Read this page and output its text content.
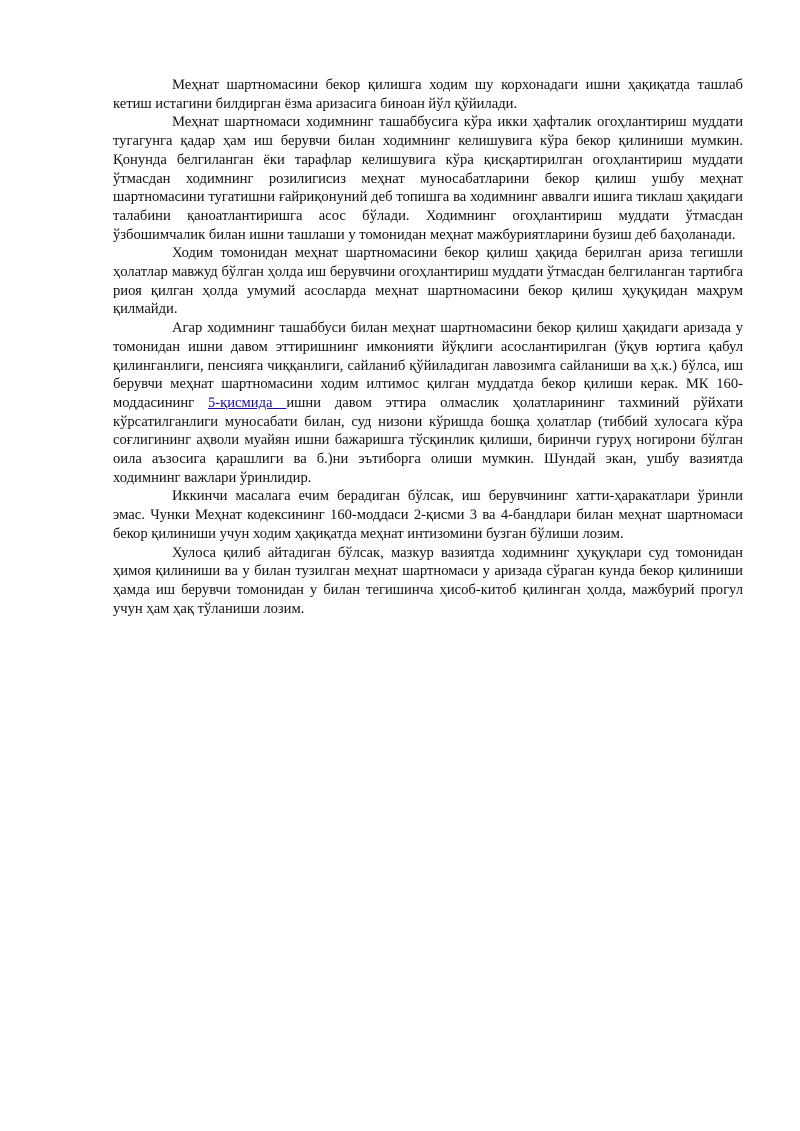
Меҳнат шартномасини бекор қилишга ходим шу корхонадаги ишни ҳақиқатда ташлаб кетиш истагини билдирган ёзма аризасига биноан йўл қўйилади.

Меҳнат шартномаси ходимнинг ташаббусига кўра икки ҳафталик огоҳлантириш муддати тугагунга қадар ҳам иш берувчи билан ходимнинг келишувига кўра бекор қилиниши мумкин. Қонунда белгиланган ёки тарафлар келишувига кўра қисқартирилган огоҳлантириш муддати ўтмасдан ходимнинг розилигисиз меҳнат муносабатларини бекор қилиш ушбу меҳнат шартномасини тугатишни ғайриқонуний деб топишга ва ходимнинг аввалги ишига тиклаш ҳақидаги талабини қаноатлантиришга асос бўлади. Ходимнинг огоҳлантириш муддати ўтмасдан ўзбошимчалик билан ишни ташлаши у томонидан меҳнат мажбуриятларини бузиш деб баҳоланади.

Ходим томонидан меҳнат шартномасини бекор қилиш ҳақида берилган ариза тегишли ҳолатлар мавжуд бўлган ҳолда иш берувчини огоҳлантириш муддати ўтмасдан белгиланган тартибга риоя қилган ҳолда умумий асосларда меҳнат шартномасини бекор қилиш ҳуқуқидан маҳрум қилмайди.

Агар ходимнинг ташаббуси билан меҳнат шартномасини бекор қилиш ҳақидаги аризада у томонидан ишни давом эттиришнинг имконияти йўқлиги асослантирилган (ўқув юртига қабул қилинганлиги, пенсияга чиққанлиги, сайланиб қўйиладиган лавозимга сайланиши ва ҳ.к.) бўлса, иш берувчи меҳнат шартномасини ходим илтимос қилган муддатда бекор қилиши керак. МК 160-моддасининг 5-қисмида ишни давом эттира олмаслик ҳолатларининг тахминий рўйхати кўрсатилганлиги муносабати билан, суд низони кўришда бошқа ҳолатлар (тиббий хулосага кўра соғлигининг аҳволи муайян ишни бажаришга тўсқинлик қилиши, биринчи гуруҳ ногирони бўлган оила аъзосига қарашлиги ва б.)ни эътиборга олиши мумкин. Шундай экан, ушбу вазиятда ходимнинг важлари ўринлидир.

Иккинчи масалага ечим берадиган бўлсак, иш берувчининг хатти-ҳаракатлари ўринли эмас. Чунки Меҳнат кодексининг 160-моддаси 2-қисми 3 ва 4-бандлари билан меҳнат шартномаси бекор қилиниши учун ходим ҳақиқатда меҳнат интизомини бузган бўлиши лозим.

Хулоса қилиб айтадиган бўлсак, мазкур вазиятда ходимнинг ҳуқуқлари суд томонидан ҳимоя қилиниши ва у билан тузилган меҳнат шартномаси у аризада сўраган кунда бекор қилиниши ҳамда иш берувчи томонидан у билан тегишинча ҳисоб-китоб қилинган ҳолда, мажбурий прогул учун ҳам ҳақ тўланиши лозим.
